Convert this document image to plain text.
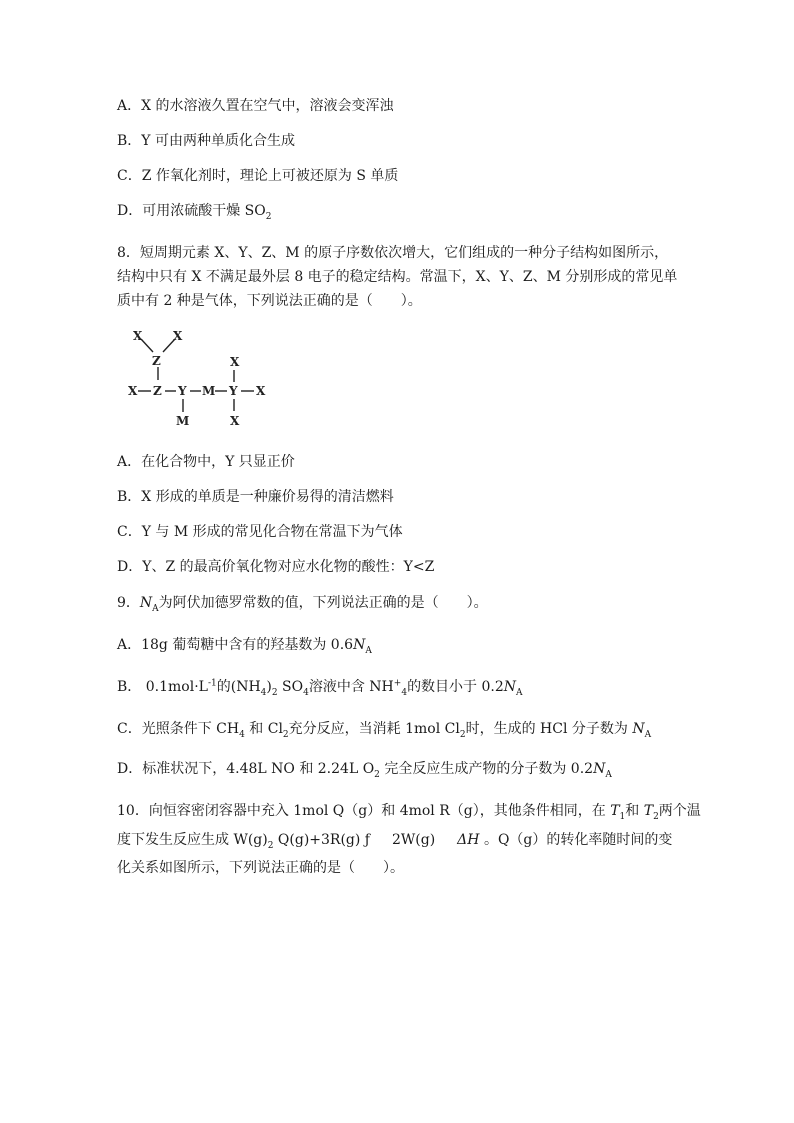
A．X 的水溶液久置在空气中，溶液会变浑浊
B．Y 可由两种单质化合生成
C．Z 作氧化剂时，理论上可被还原为 S 单质
D．可用浓硫酸干燥 $SO_2$
8．短周期元素 X、Y、Z、M 的原子序数依次增大，它们组成的一种分子结构如图所示，
结构中只有 X 不满足最外层 8 电子的稳定结构。常温下，X、Y、Z、M 分别形成的常见单
质中有 2 种是气体，下列说法正确的是（　　）。
X	X
Z
X Z Y M Y X
X
X
M
A．在化合物中，Y 只显正价
B．X 形成的单质是一种廉价易得的清洁燃料
C．Y 与 M 形成的常见化合物在常温下为气体
D．Y、Z 的最高价氧化物对应水化物的酸性：Y<Z
9．$N_A$为阿伏加德罗常数的值，下列说法正确的是（　　）。
A．18g 葡萄糖中含有的羟基数为 $0.6N_A$
B． $0.1mol\cdot L^{-1}$的$(NH_4)_2$ $SO_4$溶液中含 $NH^+_4$的数目小于 $0.2N_A$
C．光照条件下 $CH_4$ 和 $Cl_2$充分反应，当消耗 1mol $Cl_2$时，生成的 HCl 分子数为 $N_A$
D．标准状况下，4.48L NO 和 2.24L $O_2$ 完全反应生成产物的分子数为 $0.2N_A$
10．向恒容密闭容器中充入 1mol Q（g）和 4mol R（g），其他条件相同，在 $T_1$和 $T_2$两个温
度下发生反应生成 $W(g)_2$ Q(g)+3R(g) ƒ 2W(g) ΔH 。Q（g）的转化率随时间的变
化关系如图所示，下列说法正确的是（　　）。
